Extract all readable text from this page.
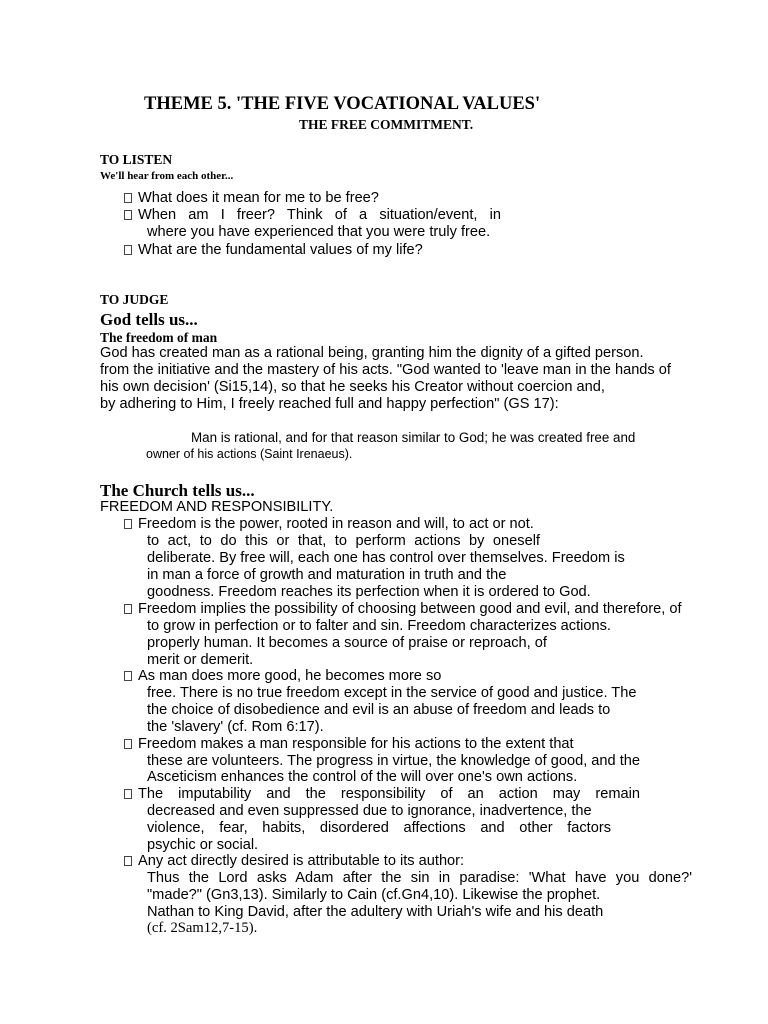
THEME 5. 'THE FIVE VOCATIONAL VALUES'
THE FREE COMMITMENT.
TO LISTEN
We'll hear from each other...
What does it mean for me to be free?
When am I freer? Think of a situation/event, in
where you have experienced that you were truly free.
What are the fundamental values of my life?
TO JUDGE
God tells us...
The freedom of man
God has created man as a rational being, granting him the dignity of a gifted person.
from the initiative and the mastery of his acts. "God wanted to 'leave man in the hands of
his own decision' (Si15,14), so that he seeks his Creator without coercion and,
by adhering to Him, I freely reached full and happy perfection" (GS 17):
Man is rational, and for that reason similar to God; he was created free and
owner of his actions (Saint Irenaeus).
The Church tells us...
FREEDOM AND RESPONSIBILITY.
Freedom is the power, rooted in reason and will, to act or not.
to act, to do this or that, to perform actions by oneself
deliberate. By free will, each one has control over themselves. Freedom is
in man a force of growth and maturation in truth and the
goodness. Freedom reaches its perfection when it is ordered to God.
Freedom implies the possibility of choosing between good and evil, and therefore, of
to grow in perfection or to falter and sin. Freedom characterizes actions.
properly human. It becomes a source of praise or reproach, of
merit or demerit.
As man does more good, he becomes more so
free. There is no true freedom except in the service of good and justice. The
the choice of disobedience and evil is an abuse of freedom and leads to
the 'slavery' (cf. Rom 6:17).
Freedom makes a man responsible for his actions to the extent that
these are volunteers. The progress in virtue, the knowledge of good, and the
Asceticism enhances the control of the will over one's own actions.
The imputability and the responsibility of an action may remain
decreased and even suppressed due to ignorance, inadvertence, the
violence, fear, habits, disordered affections and other factors
psychic or social.
Any act directly desired is attributable to its author:
Thus the Lord asks Adam after the sin in paradise: 'What have you done?'
"made?" (Gn3,13). Similarly to Cain (cf.Gn4,10). Likewise the prophet.
Nathan to King David, after the adultery with Uriah's wife and his death
(cf. 2Sam12,7-15).
